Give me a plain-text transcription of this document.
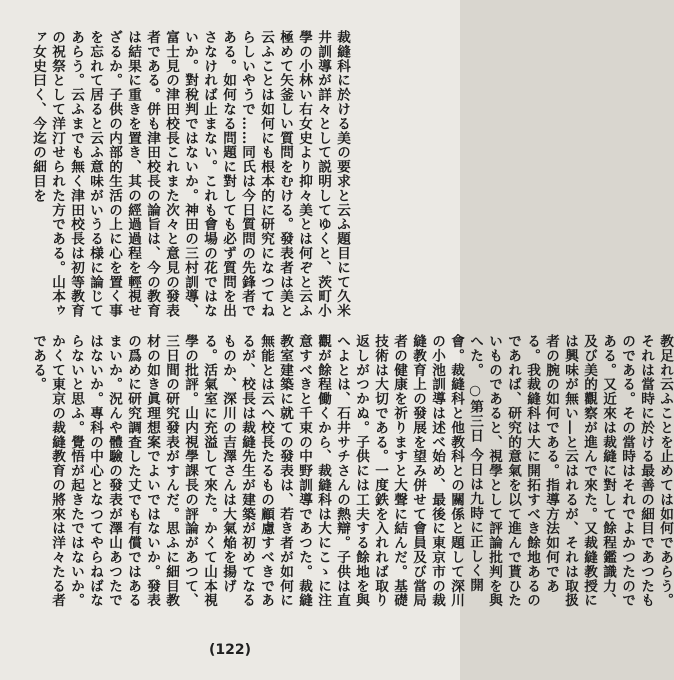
裁縫科に於ける美の要求と云ふ題目にて久米井訓導が詳々として説明してゆくと、茨町小學の小林い右女史より抑々美とは何ぞと云ふ極めて矢釜しい質問をむける。發表者は美と云ふことは如何にも根本的に研究になつてねらしいやうで……同氏は今日質問の先鋒者である。如何なる問題に對しても必ず質問を出さなければ止まない。これも會場の花ではないか。對稅判ではないか。神田の三村訓導、富士見の津田校長これまた次々と意見の發表者である。併も津田校長の論旨は、今の教育は結果に重きを置き、其の經過過程を輕視せざるか。子供の内部的生活の上に心を置く事を忘れて居ると云ふ意味がいうる様に論じてあらう。云ふまでも無く津田校長は初等教育の祝祭として洋汀せられた方である。山本ゥァ女史曰く、今迄の細目を
教足れ云ふことを止めては如何であらう。それは當時に於ける最善の細目であつたものである。その當時はそれでよかつたのである。又近來は裁縫に對して餘程鑑識力、及び美的觀察が進んで來た。又裁縫教授には興味が無い―と云はれるが、それは取扱者の腕の如何である。指導方法如何である。我裁縫科は大に開拓すべき餘地あるのであれば、研究的意氣を以て進んで貰ひたいものであると、視學として評論批判を與へた。 ○第三日 今日は九時に正しく開會。裁縫科と他教科との關係と題して深川の小池訓導は述べ始め、最後に東京市の裁縫教育上の發展を望み併せて會員及び當局者の健康を祈りますと大聲に結んだ。基礎技術は大切である。一度鉄を入れれば取り返しがつかぬ。子供には工夫する餘地を與へよとは、石井サチさんの熱辯。子供は直觀が餘程働くから、裁縫科は大にこゝに注意すべきと千束の中野訓導であつた。裁縫教室建築に就ての發表は、若き者が如何に無能とは云へ校長たるもの顧慮すべきであるが、校長は裁縫先生が建築が初めてなるものか、深川の吉澤さんは大氣焔を揚げる。活氣室に充溢して來た。かくて山本視學の批評。山内視學課長の評論があつて、三日間の研究發表がすんだ。思ふに細目教材の如き眞理想案でよいではないか。發表の爲めに研究調査した丈でも有償ではあるまいか。況んや體驗の發表が澤山あつたではないか。專科の中心となつてやらねばならないと思ふ。覺悟が起きたではないか。かくて東京の裁縫教育の將來は洋々たる者である。
(122)
